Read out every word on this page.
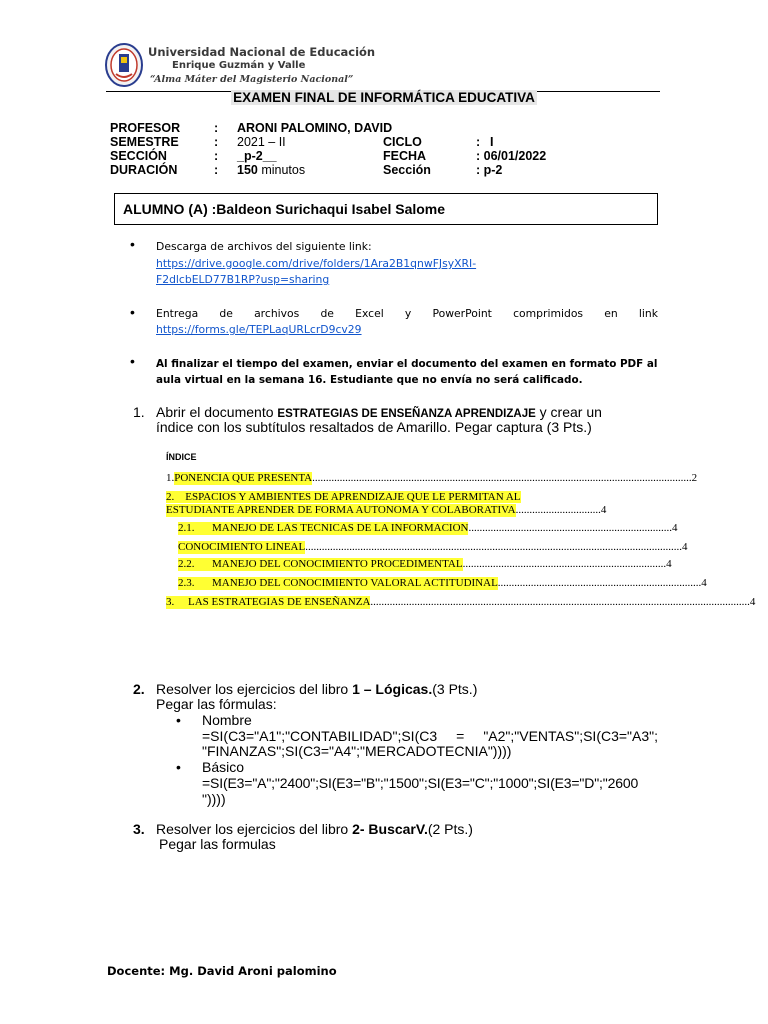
Universidad Nacional de Educación
Enrique Guzmán y Valle
“Alma Máter del Magisterio Nacional”
EXAMEN FINAL DE INFORMÁTICA EDUCATIVA
PROFESOR	: ARONI PALOMINO, DAVID
SEMESTRE	: 2021 – II	CICLO	: I
SECCIÓN	: _p-2__	FECHA	: 06/01/2022
DURACIÓN	: 150 minutos	Sección	: p-2
ALUMNO (A) :Baldeon Surichaqui Isabel Salome
• Descarga de archivos del siguiente link:
https://drive.google.com/drive/folders/1Ara2B1qnwFJsyXRI-
F2dlcbELD77B1RP?usp=sharing
• Entrega de archivos de Excel y PowerPoint comprimidos en link
https://forms.gle/TEPLaqURLcrD9cv29
• Al finalizar el tiempo del examen, enviar el documento del examen en formato PDF al
aula virtual en la semana 16. Estudiante que no envía no será calificado.
1. Abrir el documento ESTRATEGIAS DE ENSEÑANZA APRENDIZAJE y crear un
índice con los subtítulos resaltados de Amarillo. Pegar captura (3 Pts.)
ÍNDICE
1. PONENCIA QUE PRESENTA .......................................................................................................................................... 2
2. ESPACIOS Y AMBIENTES DE APRENDIZAJE QUE LE PERMITAN AL
ESTUDIANTE APRENDER DE FORMA AUTONOMA Y COLABORATIVA ............................... 4
2.1.	MANEJO DE LAS TECNICAS DE LA INFORMACION .......................................................................... 4
CONOCIMIENTO LINEAL ......................................................................................................................................... 4
2.2.	MANEJO DEL CONOCIMIENTO PROCEDIMENTAL .......................................................................... 4
2.3.	MANEJO DEL CONOCIMIENTO VALORAL ACTITUDINAL .......................................................................... 4
3.	LAS ESTRATEGIAS DE ENSEÑANZA .......................................................................................................................................... 4
2. Resolver los ejercicios del libro 1 – Lógicas.(3 Pts.)
Pegar las fórmulas:
• Nombre
=SI(C3="A1";"CONTABILIDAD";SI(C3 = "A2";"VENTAS";SI(C3="A3";
"FINANZAS";SI(C3="A4";"MERCADOTECNIA"))))
• Básico
=SI(E3="A";"2400";SI(E3="B";"1500";SI(E3="C";"1000";SI(E3="D";"2600
"))))
3. Resolver los ejercicios del libro 2- BuscarV.(2 Pts.)
Pegar las formulas
Docente: Mg. David Aroni palomino
